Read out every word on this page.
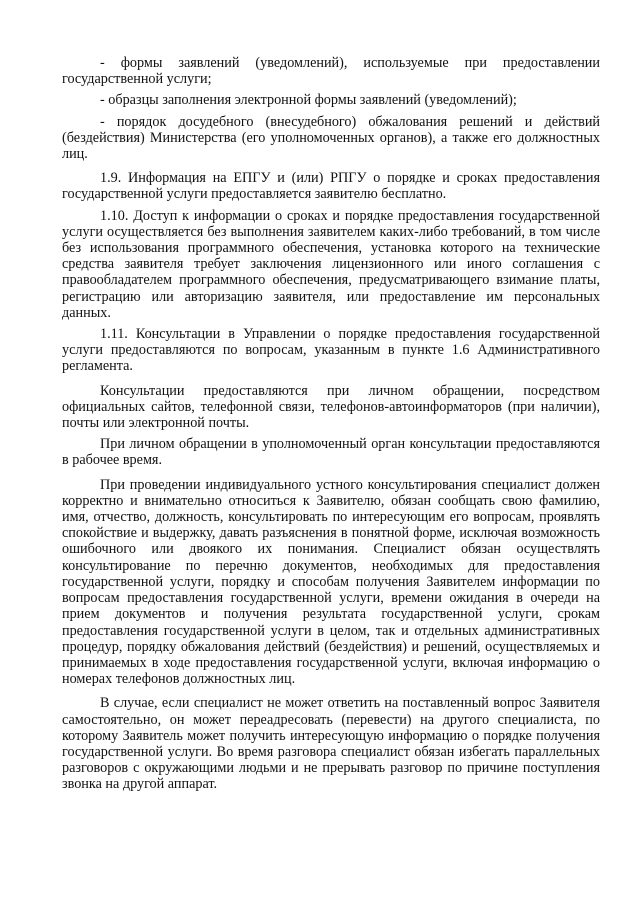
- формы заявлений (уведомлений), используемые при предоставлении государственной услуги;

- образцы заполнения электронной формы заявлений (уведомлений);

- порядок досудебного (внесудебного) обжалования решений и действий (бездействия) Министерства (его уполномоченных органов), а также его должностных лиц.

1.9. Информация на ЕПГУ и (или) РПГУ о порядке и сроках предоставления государственной услуги предоставляется заявителю бесплатно.

1.10. Доступ к информации о сроках и порядке предоставления государственной услуги осуществляется без выполнения заявителем каких-либо требований, в том числе без использования программного обеспечения, установка которого на технические средства заявителя требует заключения лицензионного или иного соглашения с правообладателем программного обеспечения, предусматривающего взимание платы, регистрацию или авторизацию заявителя, или предоставление им персональных данных.

1.11. Консультации в Управлении о порядке предоставления государственной услуги предоставляются по вопросам, указанным в пункте 1.6 Административного регламента.

Консультации предоставляются при личном обращении, посредством официальных сайтов, телефонной связи, телефонов-автоинформаторов (при наличии), почты или электронной почты.

При личном обращении в уполномоченный орган консультации предоставляются в рабочее время.

При проведении индивидуального устного консультирования специалист должен корректно и внимательно относиться к Заявителю, обязан сообщать свою фамилию, имя, отчество, должность, консультировать по интересующим его вопросам, проявлять спокойствие и выдержку, давать разъяснения в понятной форме, исключая возможность ошибочного или двоякого их понимания. Специалист обязан осуществлять консультирование по перечню документов, необходимых для предоставления государственной услуги, порядку и способам получения Заявителем информации по вопросам предоставления государственной услуги, времени ожидания в очереди на прием документов и получения результата государственной услуги, срокам предоставления государственной услуги в целом, так и отдельных административных процедур, порядку обжалования действий (бездействия) и решений, осуществляемых и принимаемых в ходе предоставления государственной услуги, включая информацию о номерах телефонов должностных лиц.

В случае, если специалист не может ответить на поставленный вопрос Заявителя самостоятельно, он может переадресовать (перевести) на другого специалиста, по которому Заявитель может получить интересующую информацию о порядке получения государственной услуги. Во время разговора специалист обязан избегать параллельных разговоров с окружающими людьми и не прерывать разговор по причине поступления звонка на другой аппарат.
